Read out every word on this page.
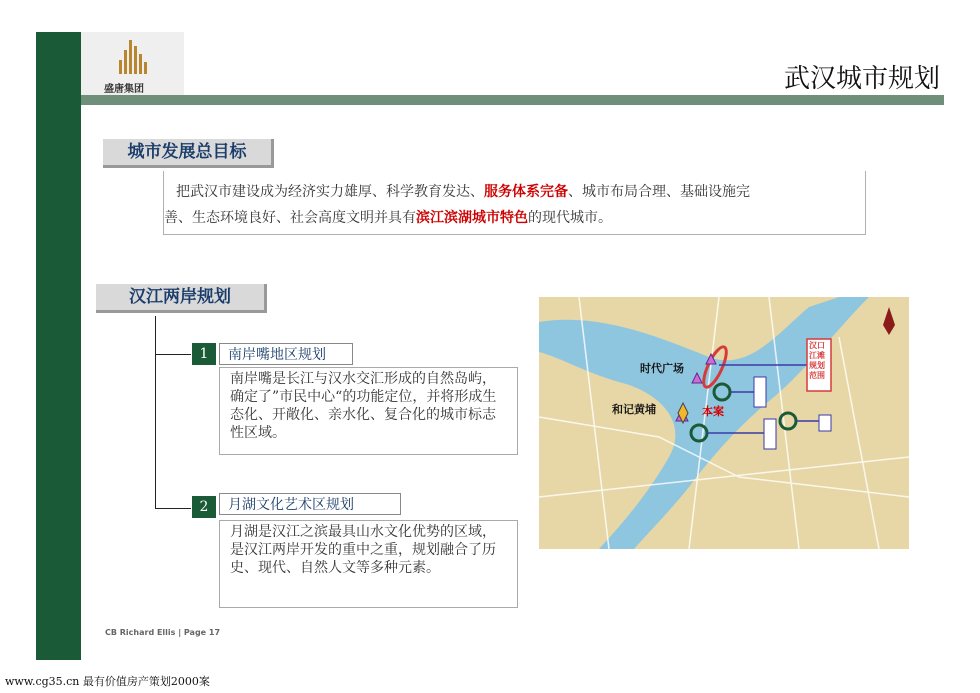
盛唐集团	武汉城市规划
城市发展总目标
把武汉市建设成为经济实力雄厚、科学教育发达、服务体系完备、城市布局合理、基础设施完
善、生态环境良好、社会高度文明并具有滨江滨湖城市特色的现代城市。
汉江两岸规划
1	南岸嘴地区规划
南岸嘴是长江与汉水交汇形成的自然岛屿，确定了”市民中心“的功能定位，并将形成生态化、开敞化、亲水化、复合化的城市标志性区域。
2	月湖文化艺术区规划
月湖是汉江之滨最具山水文化优势的区域，是汉江两岸开发的重中之重，规划融合了历史、现代、自然人文等多种元素。
时代广场
和记黄埔	本案
汉口江滩规划范围
CB Richard Ellis | Page 17
www.cg35.cn 最有价值房产策划2000案
